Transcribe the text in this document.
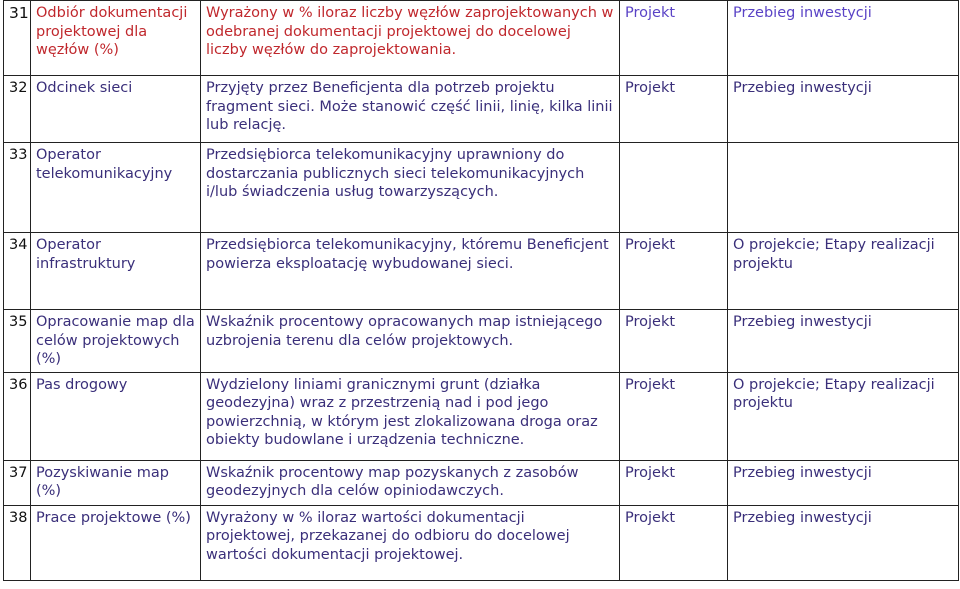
31	Odbiór dokumentacji projektowej dla węzłów (%)	Wyrażony w % iloraz liczby węzłów zaprojektowanych w odebranej dokumentacji projektowej do docelowej liczby węzłów do zaprojektowania.	Projekt	Przebieg inwestycji
32	Odcinek sieci	Przyjęty przez Beneficjenta dla potrzeb projektu fragment sieci. Może stanowić część linii, linię, kilka linii lub relację.	Projekt	Przebieg inwestycji
33	Operator telekomunikacyjny	Przedsiębiorca telekomunikacyjny uprawniony do dostarczania publicznych sieci telekomunikacyjnych i/lub świadczenia usług towarzyszących.		
34	Operator infrastruktury	Przedsiębiorca telekomunikacyjny, któremu Beneficjent powierza eksploatację wybudowanej sieci.	Projekt	O projekcie; Etapy realizacji projektu
35	Opracowanie map dla celów projektowych (%)	Wskaźnik procentowy opracowanych map istniejącego uzbrojenia terenu dla celów projektowych.	Projekt	Przebieg inwestycji
36	Pas drogowy	Wydzielony liniami granicznymi grunt (działka geodezyjna) wraz z przestrzenią nad i pod jego powierzchnią, w którym jest zlokalizowana droga oraz obiekty budowlane i urządzenia techniczne.	Projekt	O projekcie; Etapy realizacji projektu
37	Pozyskiwanie map (%)	Wskaźnik procentowy map pozyskanych z zasobów geodezyjnych dla celów opiniodawczych.	Projekt	Przebieg inwestycji
38	Prace projektowe (%)	Wyrażony w % iloraz wartości dokumentacji projektowej, przekazanej do odbioru do docelowej wartości dokumentacji projektowej.	Projekt	Przebieg inwestycji
